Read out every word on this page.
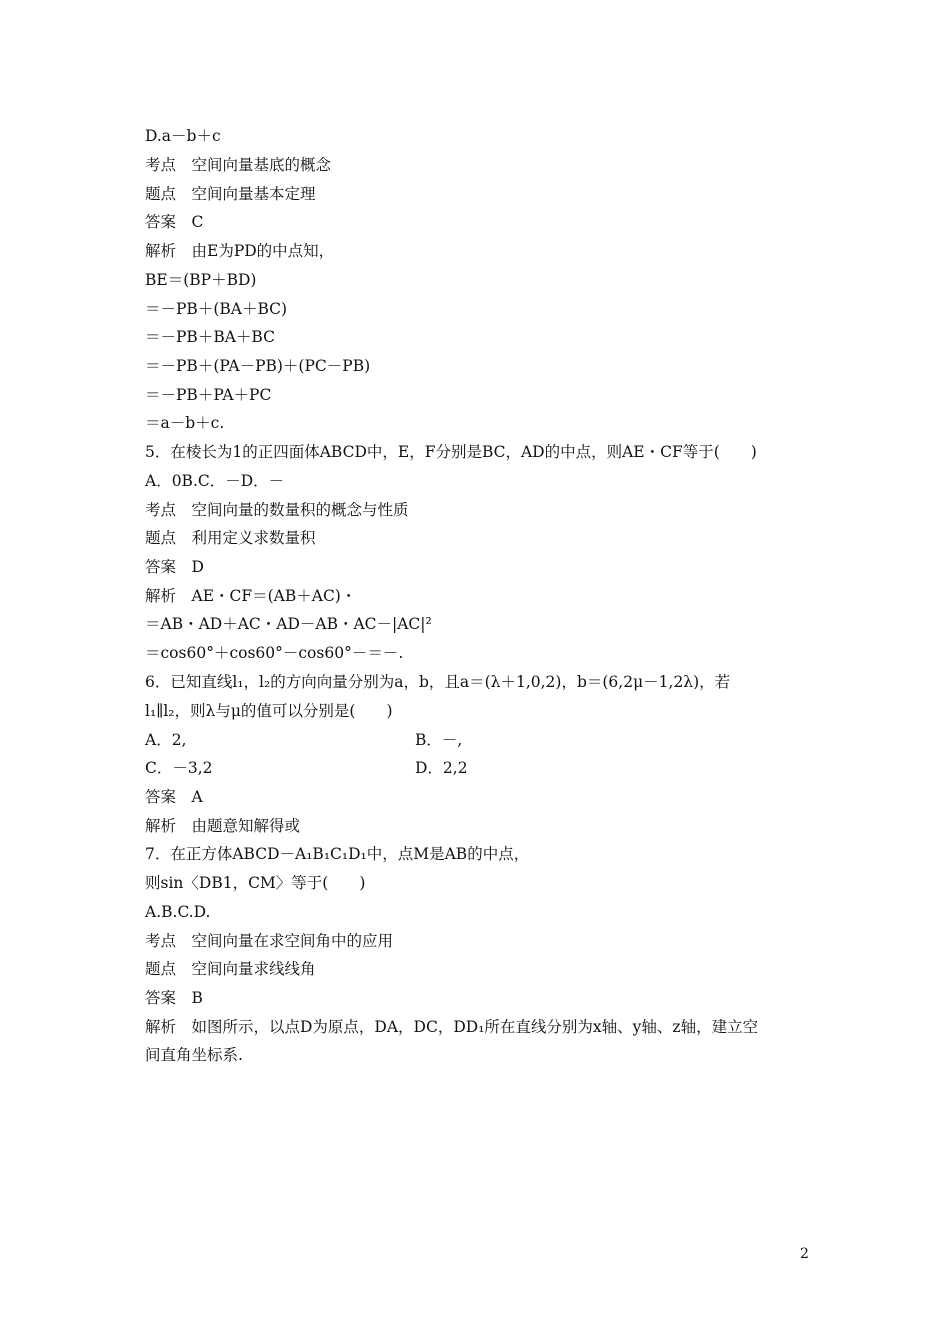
D.a－b＋c
考点　空间向量基底的概念
题点　空间向量基本定理
答案　C
解析　由E为PD的中点知，
BE＝(BP＋BD)
＝－PB＋(BA＋BC)
＝－PB＋BA＋BC
＝－PB＋(PA－PB)＋(PC－PB)
＝－PB＋PA＋PC
＝a－b＋c.
5．在棱长为1的正四面体ABCD中，E，F分别是BC，AD的中点，则AE・CF等于(　　)
A．0B.C．－D．－
考点　空间向量的数量积的概念与性质
题点　利用定义求数量积
答案　D
解析　AE・CF＝(AB＋AC)・
＝AB・AD＋AC・AD－AB・AC－|AC|²
＝cos60°＋cos60°－cos60°－＝－.
6．已知直线l₁，l₂的方向向量分别为a，b，且a＝(λ＋1,0,2)，b＝(6,2μ－1,2λ)，若
l₁∥l₂，则λ与μ的值可以分别是(　　)
A．2,	B．－,
C．－3,2	D．2,2
答案　A
解析　由题意知解得或
7．在正方体ABCD－A₁B₁C₁D₁中，点M是AB的中点，
则sin〈DB1，CM〉等于(　　)
A.B.C.D.
考点　空间向量在求空间角中的应用
题点　空间向量求线线角
答案　B
解析　如图所示，以点D为原点，DA，DC，DD₁所在直线分别为x轴、y轴、z轴，建立空
间直角坐标系.
2
